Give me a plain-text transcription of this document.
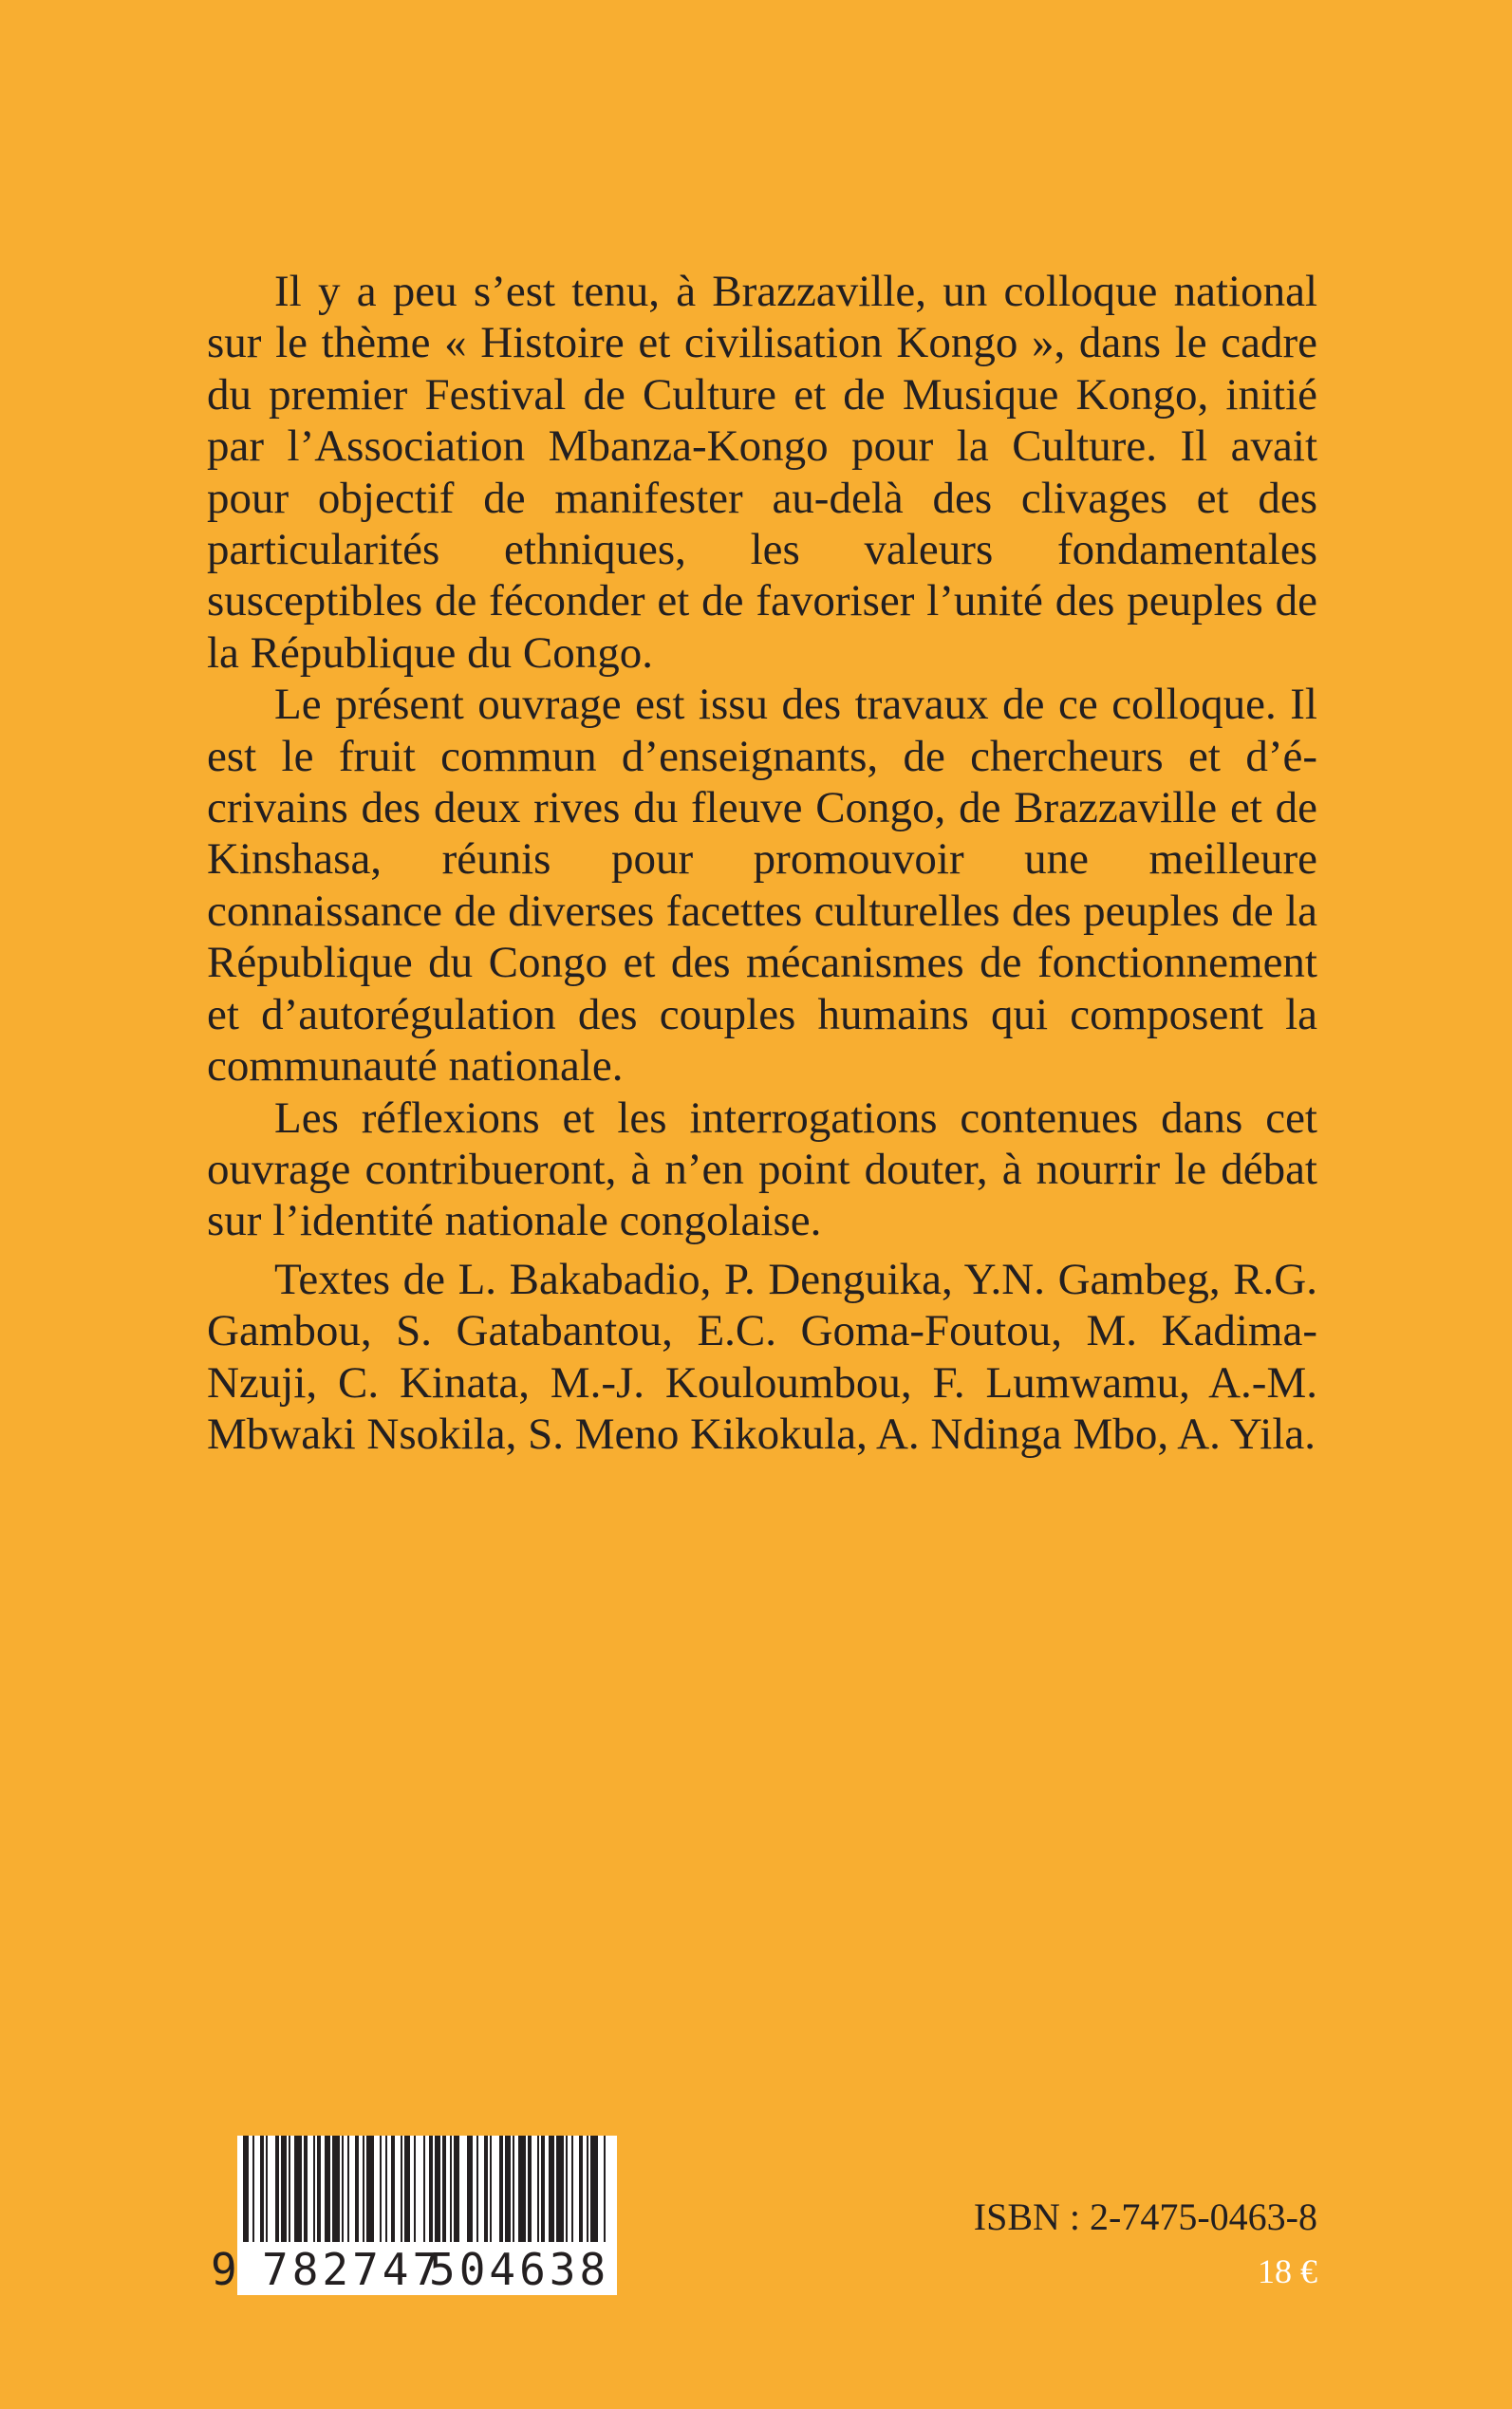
Il y a peu s’est tenu, à Brazzaville, un colloque national sur le thème « Histoire et civilisation Kongo », dans le cadre du premier Festival de Culture et de Musique Kongo, initié par l’Association Mbanza-Kongo pour la Culture. Il avait pour objectif de manifester au-delà des clivages et des particularités ethniques, les valeurs fondamentales susceptibles de féconder et de favoriser l’unité des peuples de la République du Congo.

Le présent ouvrage est issu des travaux de ce colloque. Il est le fruit commun d’enseignants, de chercheurs et d’écrivains des deux rives du fleuve Congo, de Brazzaville et de Kinshasa, réunis pour promouvoir une meilleure connaissance de diverses facettes culturelles des peuples de la République du Congo et des mécanismes de fonctionnement et d’autorégulation des couples humains qui composent la communauté nationale.

Les réflexions et les interrogations contenues dans cet ouvrage contribueront, à n’en point douter, à nourrir le débat sur l’identité nationale congolaise.

Textes de L. Bakabadio, P. Denguika, Y.N. Gambeg, R.G. Gambou, S. Gatabantou, E.C. Goma-Foutou, M. Kadima-Nzuji, C. Kinata, M.-J. Kouloumbou, F. Lumwamu, A.-M. Mbwaki Nsokila, S. Meno Kikokula, A. Ndinga Mbo, A. Yila.

9 782747
504638
ISBN : 2-7475-0463-8
18 €
